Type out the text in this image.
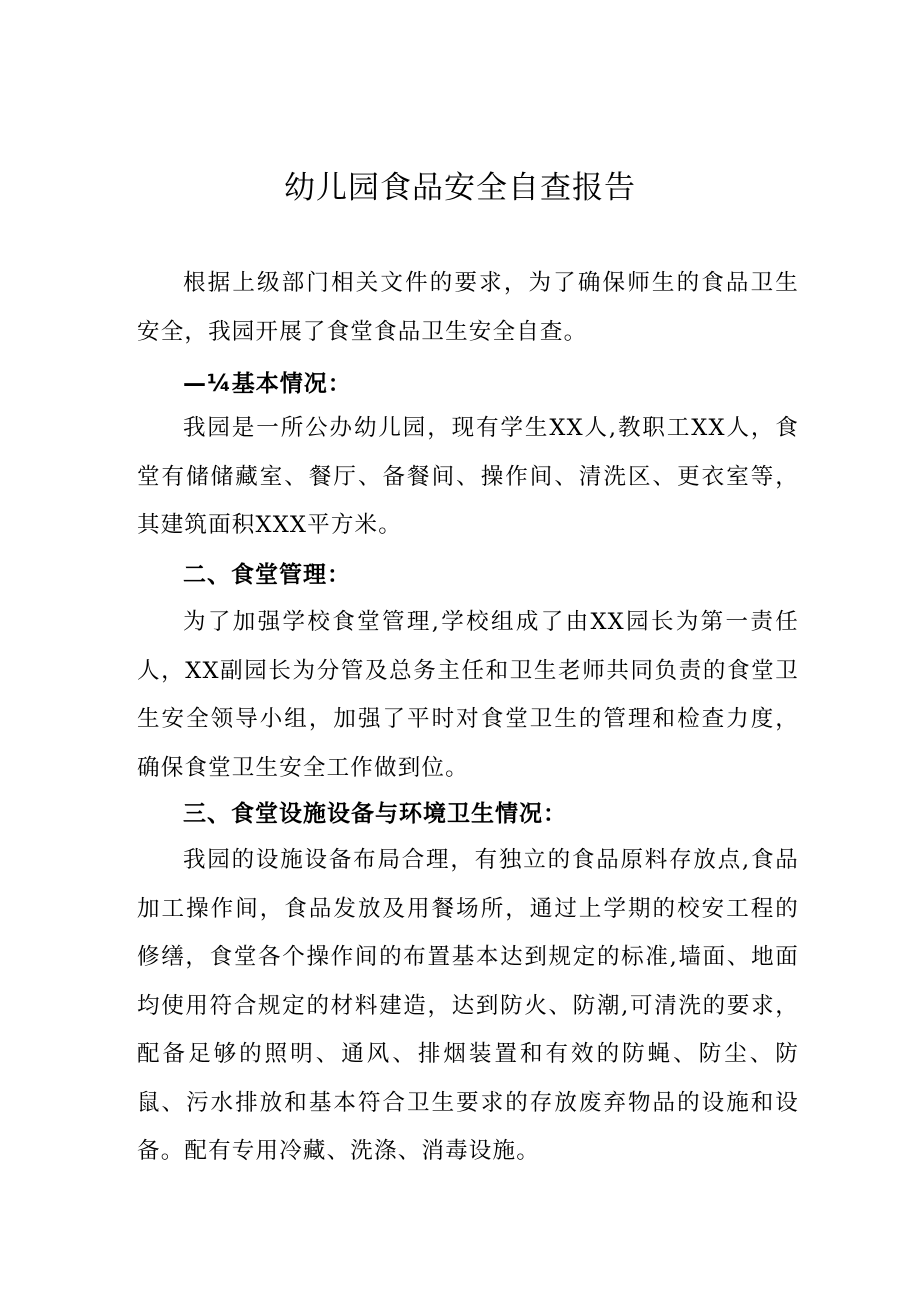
幼儿园食品安全自查报告

根据上级部门相关文件的要求，为了确保师生的食品卫生安全，我园开展了食堂食品卫生安全自查。

—¼基本情况：

我园是一所公办幼儿园，现有学生XX人,教职工XX人，食堂有储储藏室、餐厅、备餐间、操作间、清洗区、更衣室等，其建筑面积XXX平方米。

二、食堂管理：

为了加强学校食堂管理,学校组成了由XX园长为第一责任人，XX副园长为分管及总务主任和卫生老师共同负责的食堂卫生安全领导小组，加强了平时对食堂卫生的管理和检查力度，确保食堂卫生安全工作做到位。

三、食堂设施设备与环境卫生情况：

我园的设施设备布局合理，有独立的食品原料存放点,食品加工操作间，食品发放及用餐场所，通过上学期的校安工程的修缮，食堂各个操作间的布置基本达到规定的标准,墙面、地面均使用符合规定的材料建造，达到防火、防潮,可清洗的要求，配备足够的照明、通风、排烟装置和有效的防蝇、防尘、防鼠、污水排放和基本符合卫生要求的存放废弃物品的设施和设备。配有专用冷藏、洗涤、消毒设施。
